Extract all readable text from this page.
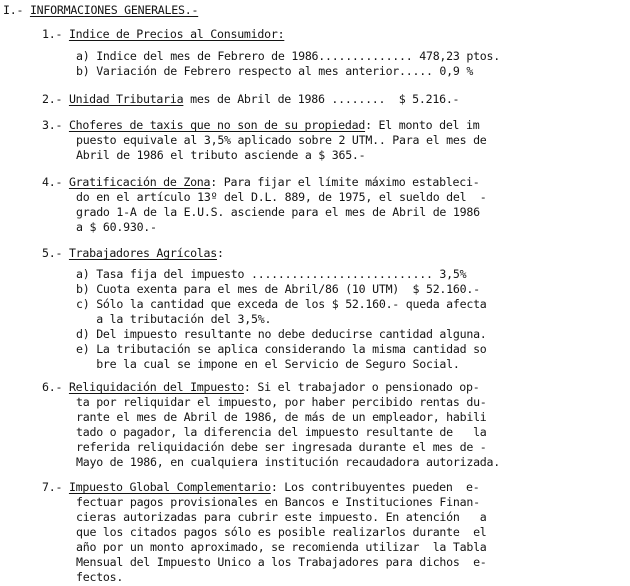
I.- INFORMACIONES GENERALES.-
1.- Indice de Precios al Consumidor:
a) Indice del mes de Febrero de 1986.............. 478,23 ptos.
b) Variación de Febrero respecto al mes anterior..... 0,9 %
2.- Unidad Tributaria mes de Abril de 1986 ........  $ 5.216.-
3.- Choferes de taxis que no son de su propiedad: El monto del im
puesto equivale al 3,5% aplicado sobre 2 UTM.. Para el mes de
Abril de 1986 el tributo asciende a $ 365.-
4.- Gratificación de Zona: Para fijar el límite máximo estableci-
do en el artículo 13º del D.L. 889, de 1975, el sueldo del  -
grado 1-A de la E.U.S. asciende para el mes de Abril de 1986
a $ 60.930.-
5.- Trabajadores Agrícolas:
a) Tasa fija del impuesto ........................... 3,5%
b) Cuota exenta para el mes de Abril/86 (10 UTM)  $ 52.160.-
c) Sólo la cantidad que exceda de los $ 52.160.- queda afecta
a la tributación del 3,5%.
d) Del impuesto resultante no debe deducirse cantidad alguna.
e) La tributación se aplica considerando la misma cantidad so
bre la cual se impone en el Servicio de Seguro Social.
6.- Reliquidación del Impuesto: Si el trabajador o pensionado op-
ta por reliquidar el impuesto, por haber percibido rentas du-
rante el mes de Abril de 1986, de más de un empleador, habili
tado o pagador, la diferencia del impuesto resultante de   la
referida reliquidación debe ser ingresada durante el mes de -
Mayo de 1986, en cualquiera institución recaudadora autorizada.
7.- Impuesto Global Complementario: Los contribuyentes pueden  e-
fectuar pagos provisionales en Bancos e Instituciones Finan-
cieras autorizadas para cubrir este impuesto. En atención   a
que los citados pagos sólo es posible realizarlos durante  el
año por un monto aproximado, se recomienda utilizar  la Tabla
Mensual del Impuesto Unico a los Trabajadores para dichos  e-
fectos.
